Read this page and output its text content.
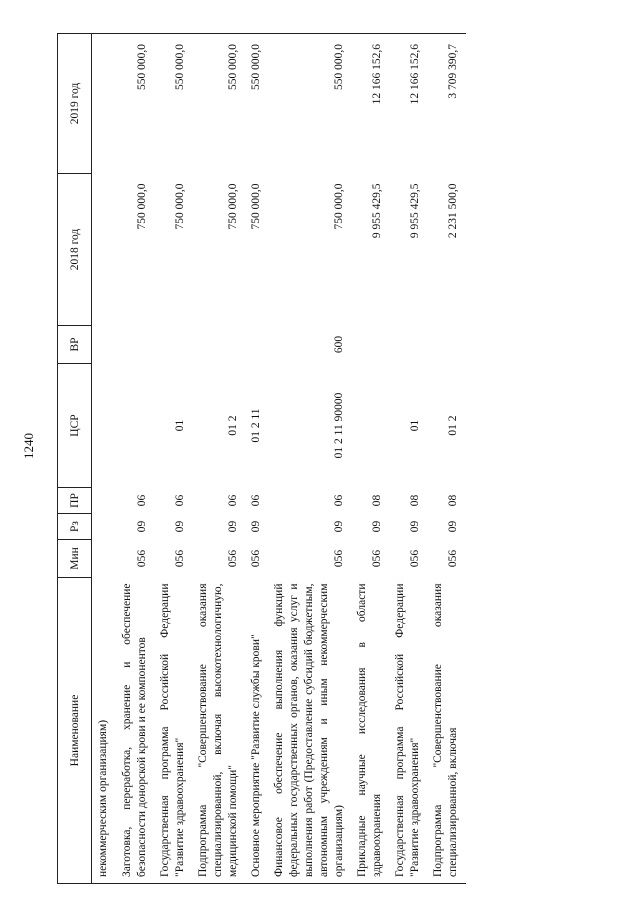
1240
Наименование	Мин	Рз	ПР	ЦСР	ВР	2018 год	2019 год
некоммерческим организациям)							
Заготовка, переработка, хранение и обеспечение безопасности донорской крови и ее компонентов	056	09	06			750 000,0	550 000,0
Государственная программа Российской Федерации "Развитие здравоохранения"	056	09	06	01		750 000,0	550 000,0
Подпрограмма "Совершенствование оказания специализированной, включая высокотехнологичную, медицинской помощи"	056	09	06	01 2		750 000,0	550 000,0
Основное мероприятие "Развитие службы крови"	056	09	06	01 2 11		750 000,0	550 000,0
Финансовое обеспечение выполнения функций федеральных государственных органов, оказания услуг и выполнения работ (Предоставление субсидий бюджетным, автономным учреждениям и иным некоммерческим организациям)	056	09	06	01 2 11 90000	600	750 000,0	550 000,0
Прикладные научные исследования в области здравоохранения	056	09	08			9 955 429,5	12 166 152,6
Государственная программа Российской Федерации "Развитие здравоохранения"	056	09	08	01		9 955 429,5	12 166 152,6
Подпрограмма "Совершенствование оказания специализированной, включая	056	09	08	01 2		2 231 500,0	3 709 390,7
